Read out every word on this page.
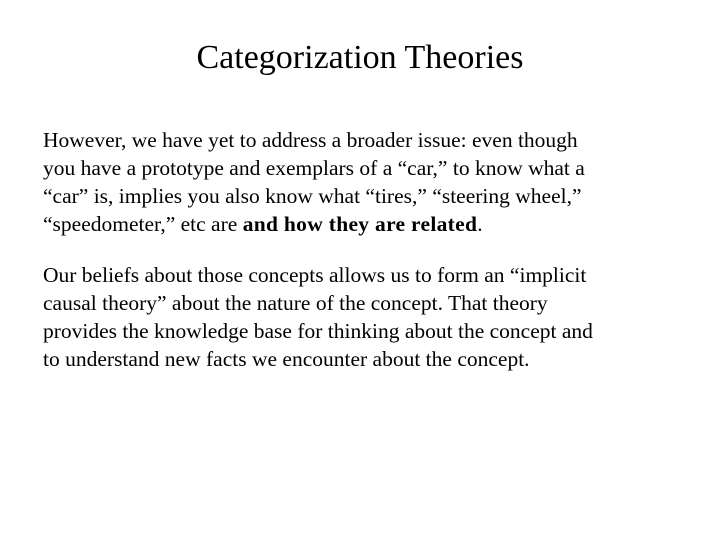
Categorization Theories

However, we have yet to address a broader issue: even though
you have a prototype and exemplars of a “car,” to know what a
“car” is, implies you also know what “tires,” “steering wheel,”
“speedometer,” etc are and how they are related.

Our beliefs about those concepts allows us to form an “implicit
causal theory” about the nature of the concept. That theory
provides the knowledge base for thinking about the concept and
to understand new facts we encounter about the concept.
